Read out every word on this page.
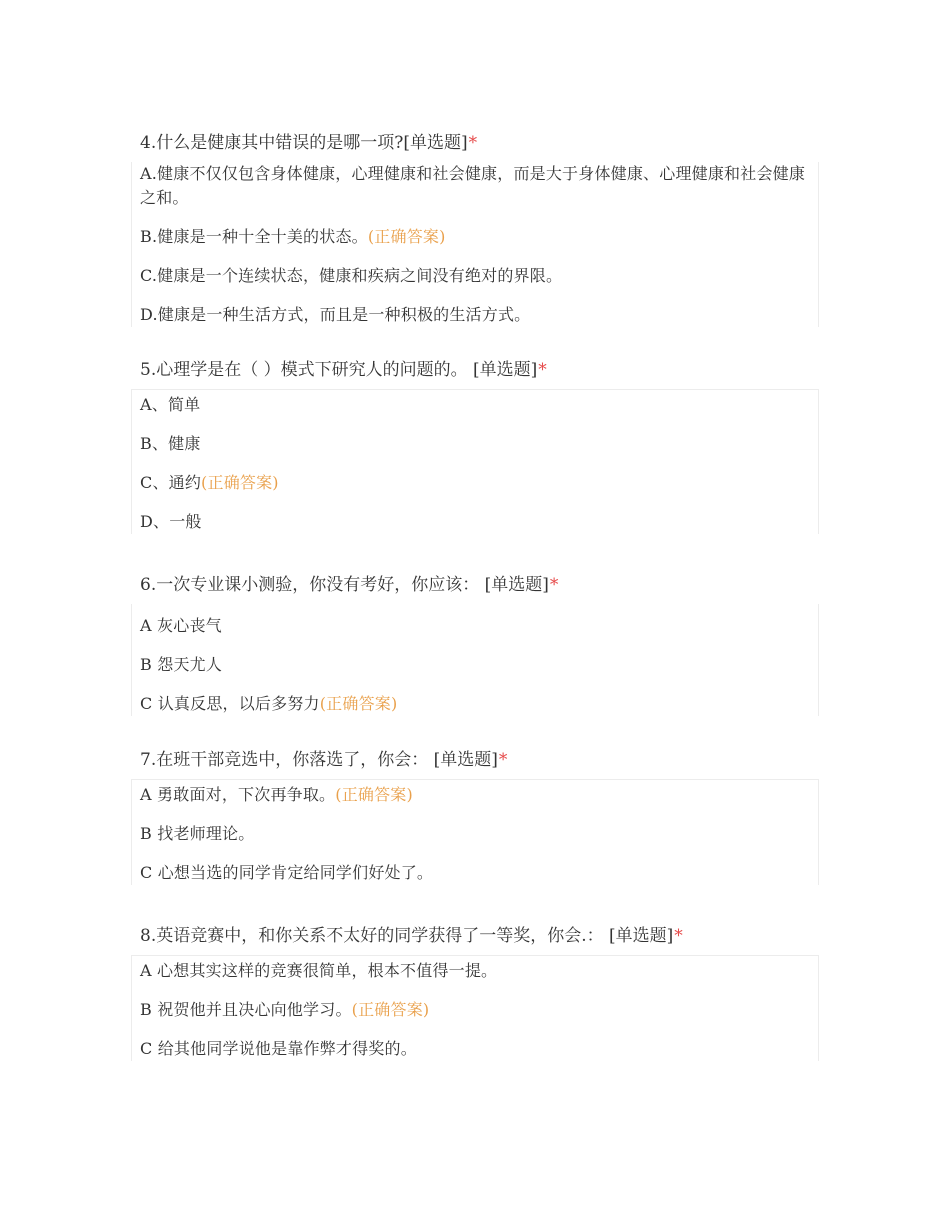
4.什么是健康其中错误的是哪一项?[单选题]*
A.健康不仅仅包含身体健康，心理健康和社会健康，而是大于身体健康、心理健康和社会健康之和。
B.健康是一种十全十美的状态。(正确答案)
C.健康是一个连续状态，健康和疾病之间没有绝对的界限。
D.健康是一种生活方式，而且是一种积极的生活方式。
5.心理学是在（ ）模式下研究人的问题的。 [单选题]*
A、简单
B、健康
C、通约(正确答案)
D、一般
6.一次专业课小测验，你没有考好，你应该： [单选题]*
A 灰心丧气
B 怨天尤人
C 认真反思，以后多努力(正确答案)
7.在班干部竞选中，你落选了，你会： [单选题]*
A 勇敢面对，下次再争取。(正确答案)
B 找老师理论。
C 心想当选的同学肯定给同学们好处了。
8.英语竞赛中，和你关系不太好的同学获得了一等奖，你会.： [单选题]*
A 心想其实这样的竞赛很简单，根本不值得一提。
B 祝贺他并且决心向他学习。(正确答案)
C 给其他同学说他是靠作弊才得奖的。
